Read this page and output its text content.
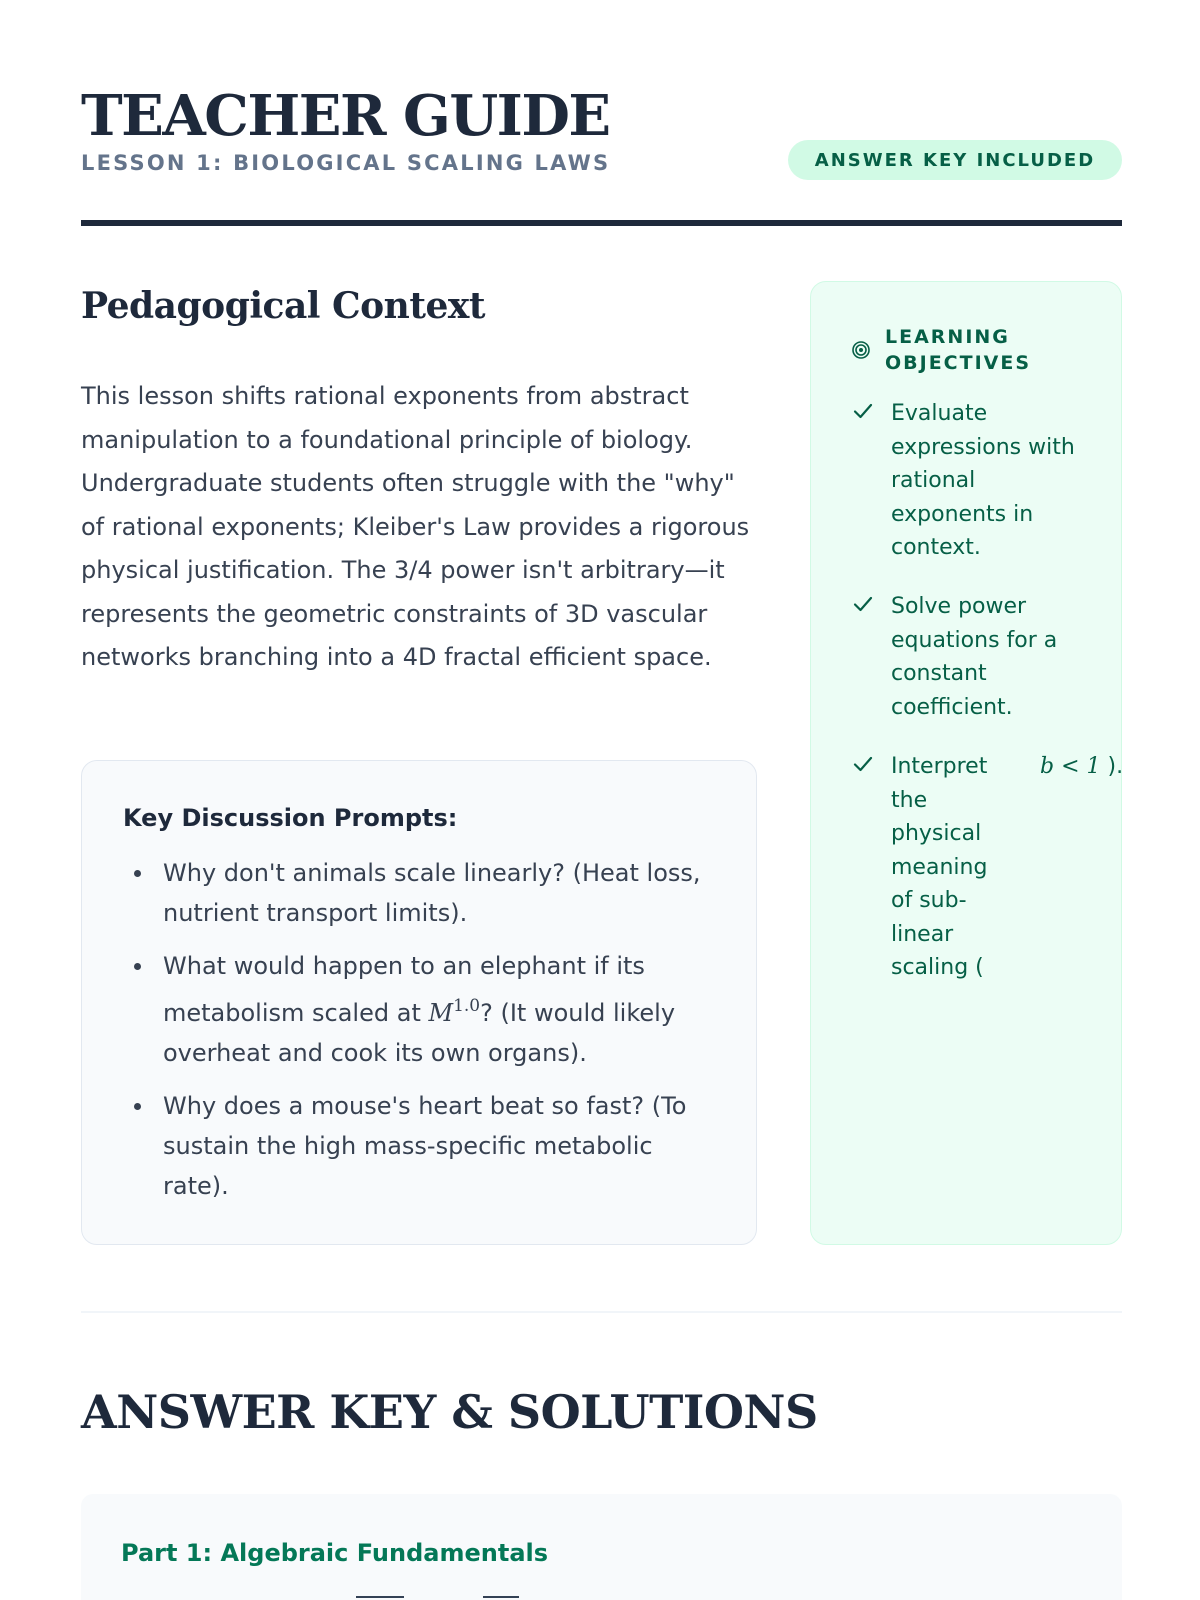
TEACHER GUIDE
LESSON 1: BIOLOGICAL SCALING LAWS	ANSWER KEY INCLUDED
Pedagogical Context

This lesson shifts rational exponents from abstract manipulation to a foundational principle of biology. Undergraduate students often struggle with the "why" of rational exponents; Kleiber's Law provides a rigorous physical justification. The 3/4 power isn't arbitrary—it represents the geometric constraints of 3D vascular networks branching into a 4D fractal efficient space.

Key Discussion Prompts:
Why don't animals scale linearly? (Heat loss, nutrient transport limits).
What would happen to an elephant if its metabolism scaled at $M^{1.0}$? (It would likely overheat and cook its own organs).
Why does a mouse's heart beat so fast? (To sustain the high mass-specific metabolic rate).
LEARNING OBJECTIVES
Evaluate expressions with rational exponents in context.
Solve power equations for a constant coefficient.
Interpret the physical meaning of sub-linear scaling (
b < 1 ).
ANSWER KEY & SOLUTIONS
Part 1: Algebraic Fundamentals
